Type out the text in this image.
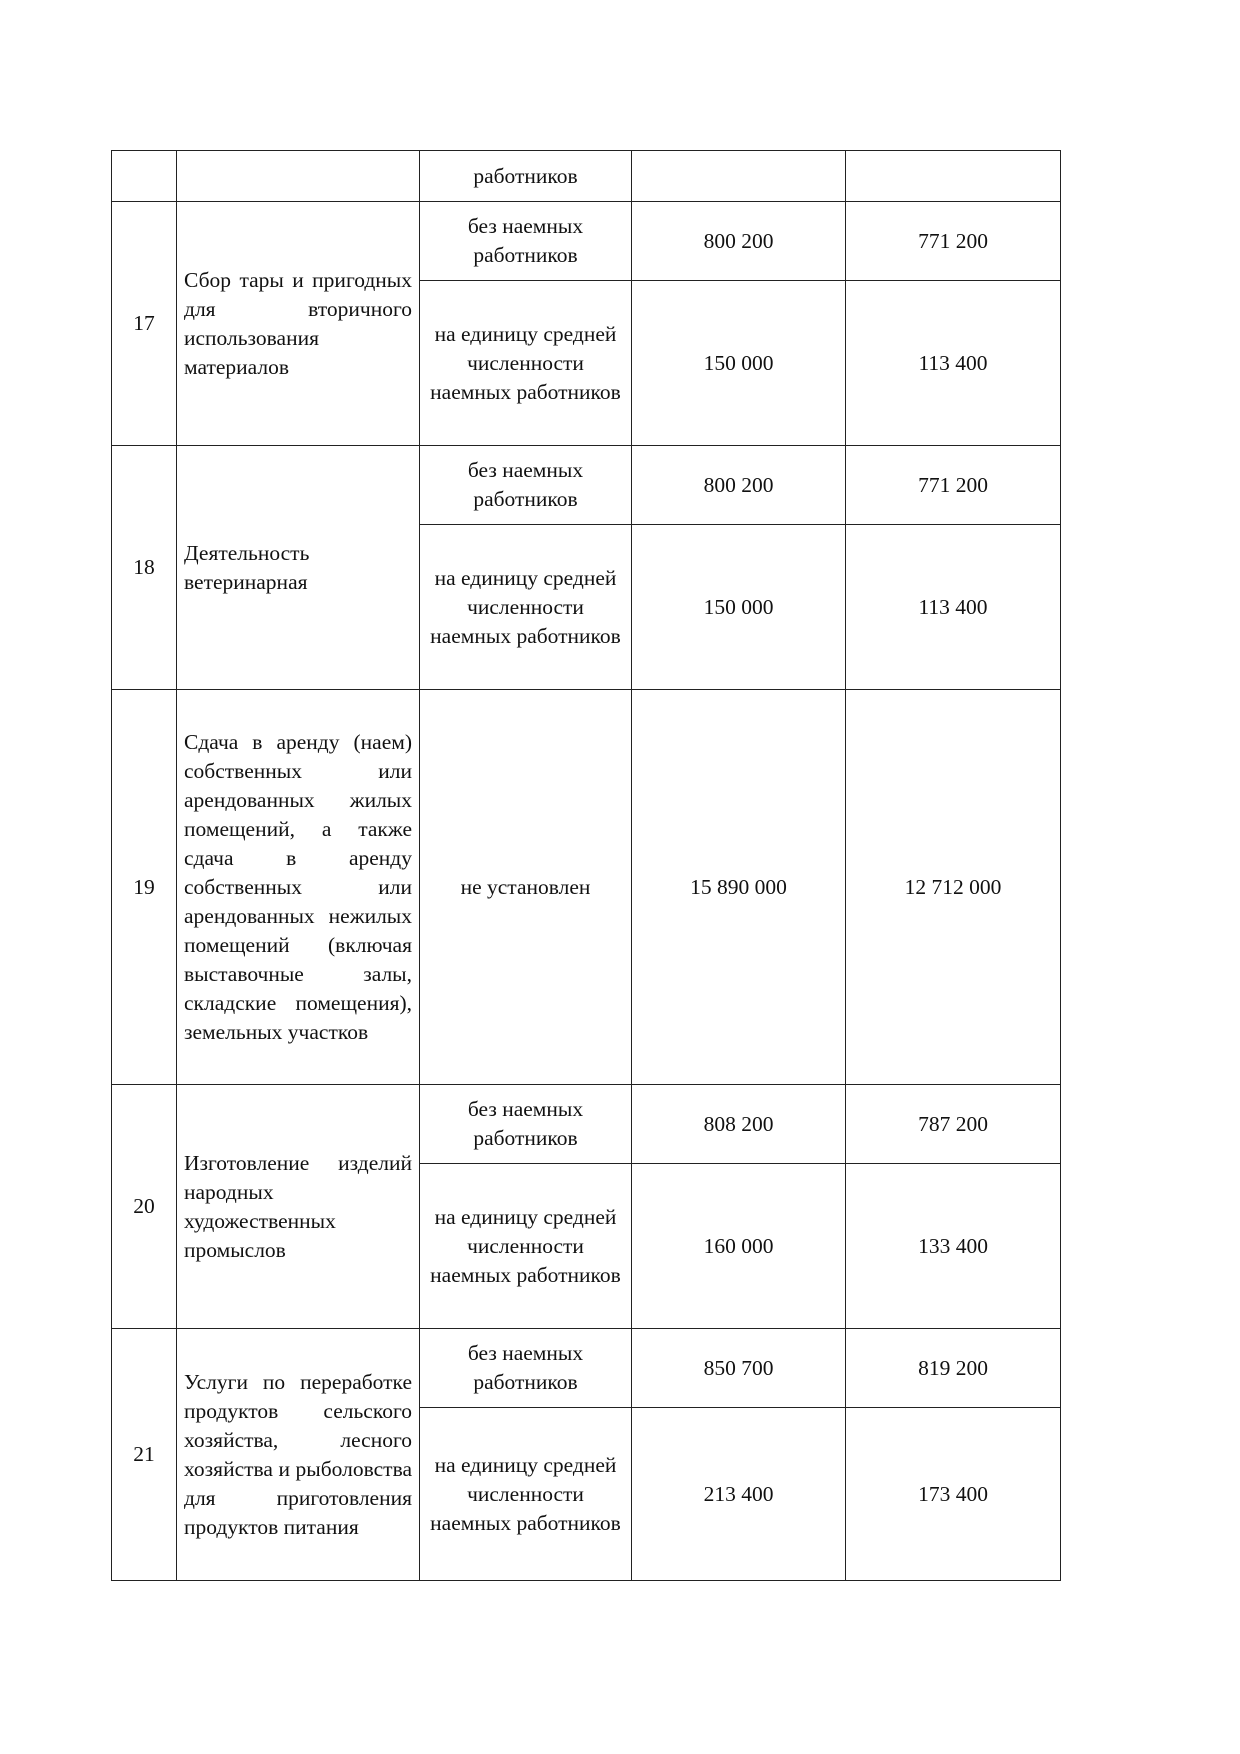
		работников		
17	Сбор тары и пригодных для вторичного использования материалов	без наемных работников	800 200	771 200
		на единицу средней численности наемных работников	150 000	113 400
18	Деятельность ветеринарная	без наемных работников	800 200	771 200
		на единицу средней численности наемных работников	150 000	113 400
19	Сдача в аренду (наем) собственных или арендованных жилых помещений, а также сдача в аренду собственных или арендованных нежилых помещений (включая выставочные залы, складские помещения), земельных участков	не установлен	15 890 000	12 712 000
20	Изготовление изделий народных художественных промыслов	без наемных работников	808 200	787 200
		на единицу средней численности наемных работников	160 000	133 400
21	Услуги по переработке продуктов сельского хозяйства, лесного хозяйства и рыболовства для приготовления продуктов питания	без наемных работников	850 700	819 200
		на единицу средней численности наемных работников	213 400	173 400
